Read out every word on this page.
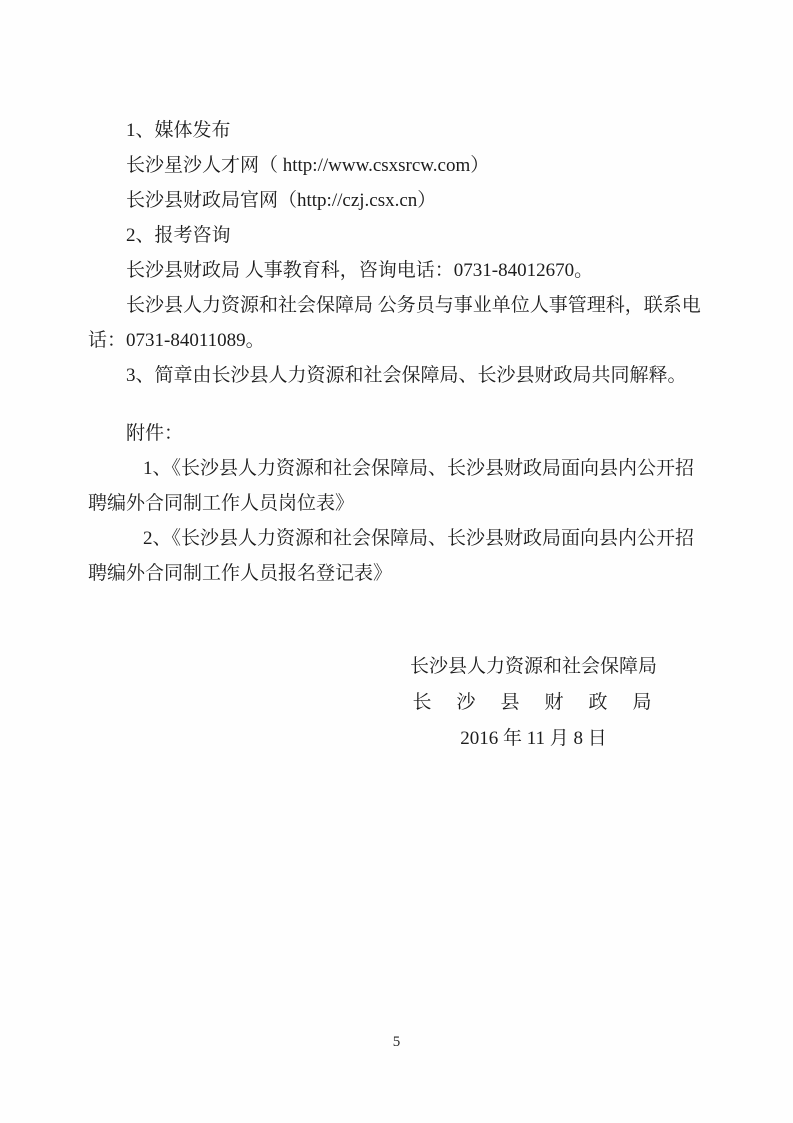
1、媒体发布
长沙星沙人才网（ http://www.csxsrcw.com）
长沙县财政局官网（http://czj.csx.cn）
2、报考咨询
长沙县财政局 人事教育科，咨询电话：0731-84012670。
长沙县人力资源和社会保障局 公务员与事业单位人事管理科，联系电
话：0731-84011089。
3、简章由长沙县人力资源和社会保障局、长沙县财政局共同解释。
附件：
1、《长沙县人力资源和社会保障局、长沙县财政局面向县内公开招
聘编外合同制工作人员岗位表》
2、《长沙县人力资源和社会保障局、长沙县财政局面向县内公开招
聘编外合同制工作人员报名登记表》
长沙县人力资源和社会保障局
长　沙　县　财　政　局
2016 年 11 月 8 日
5
